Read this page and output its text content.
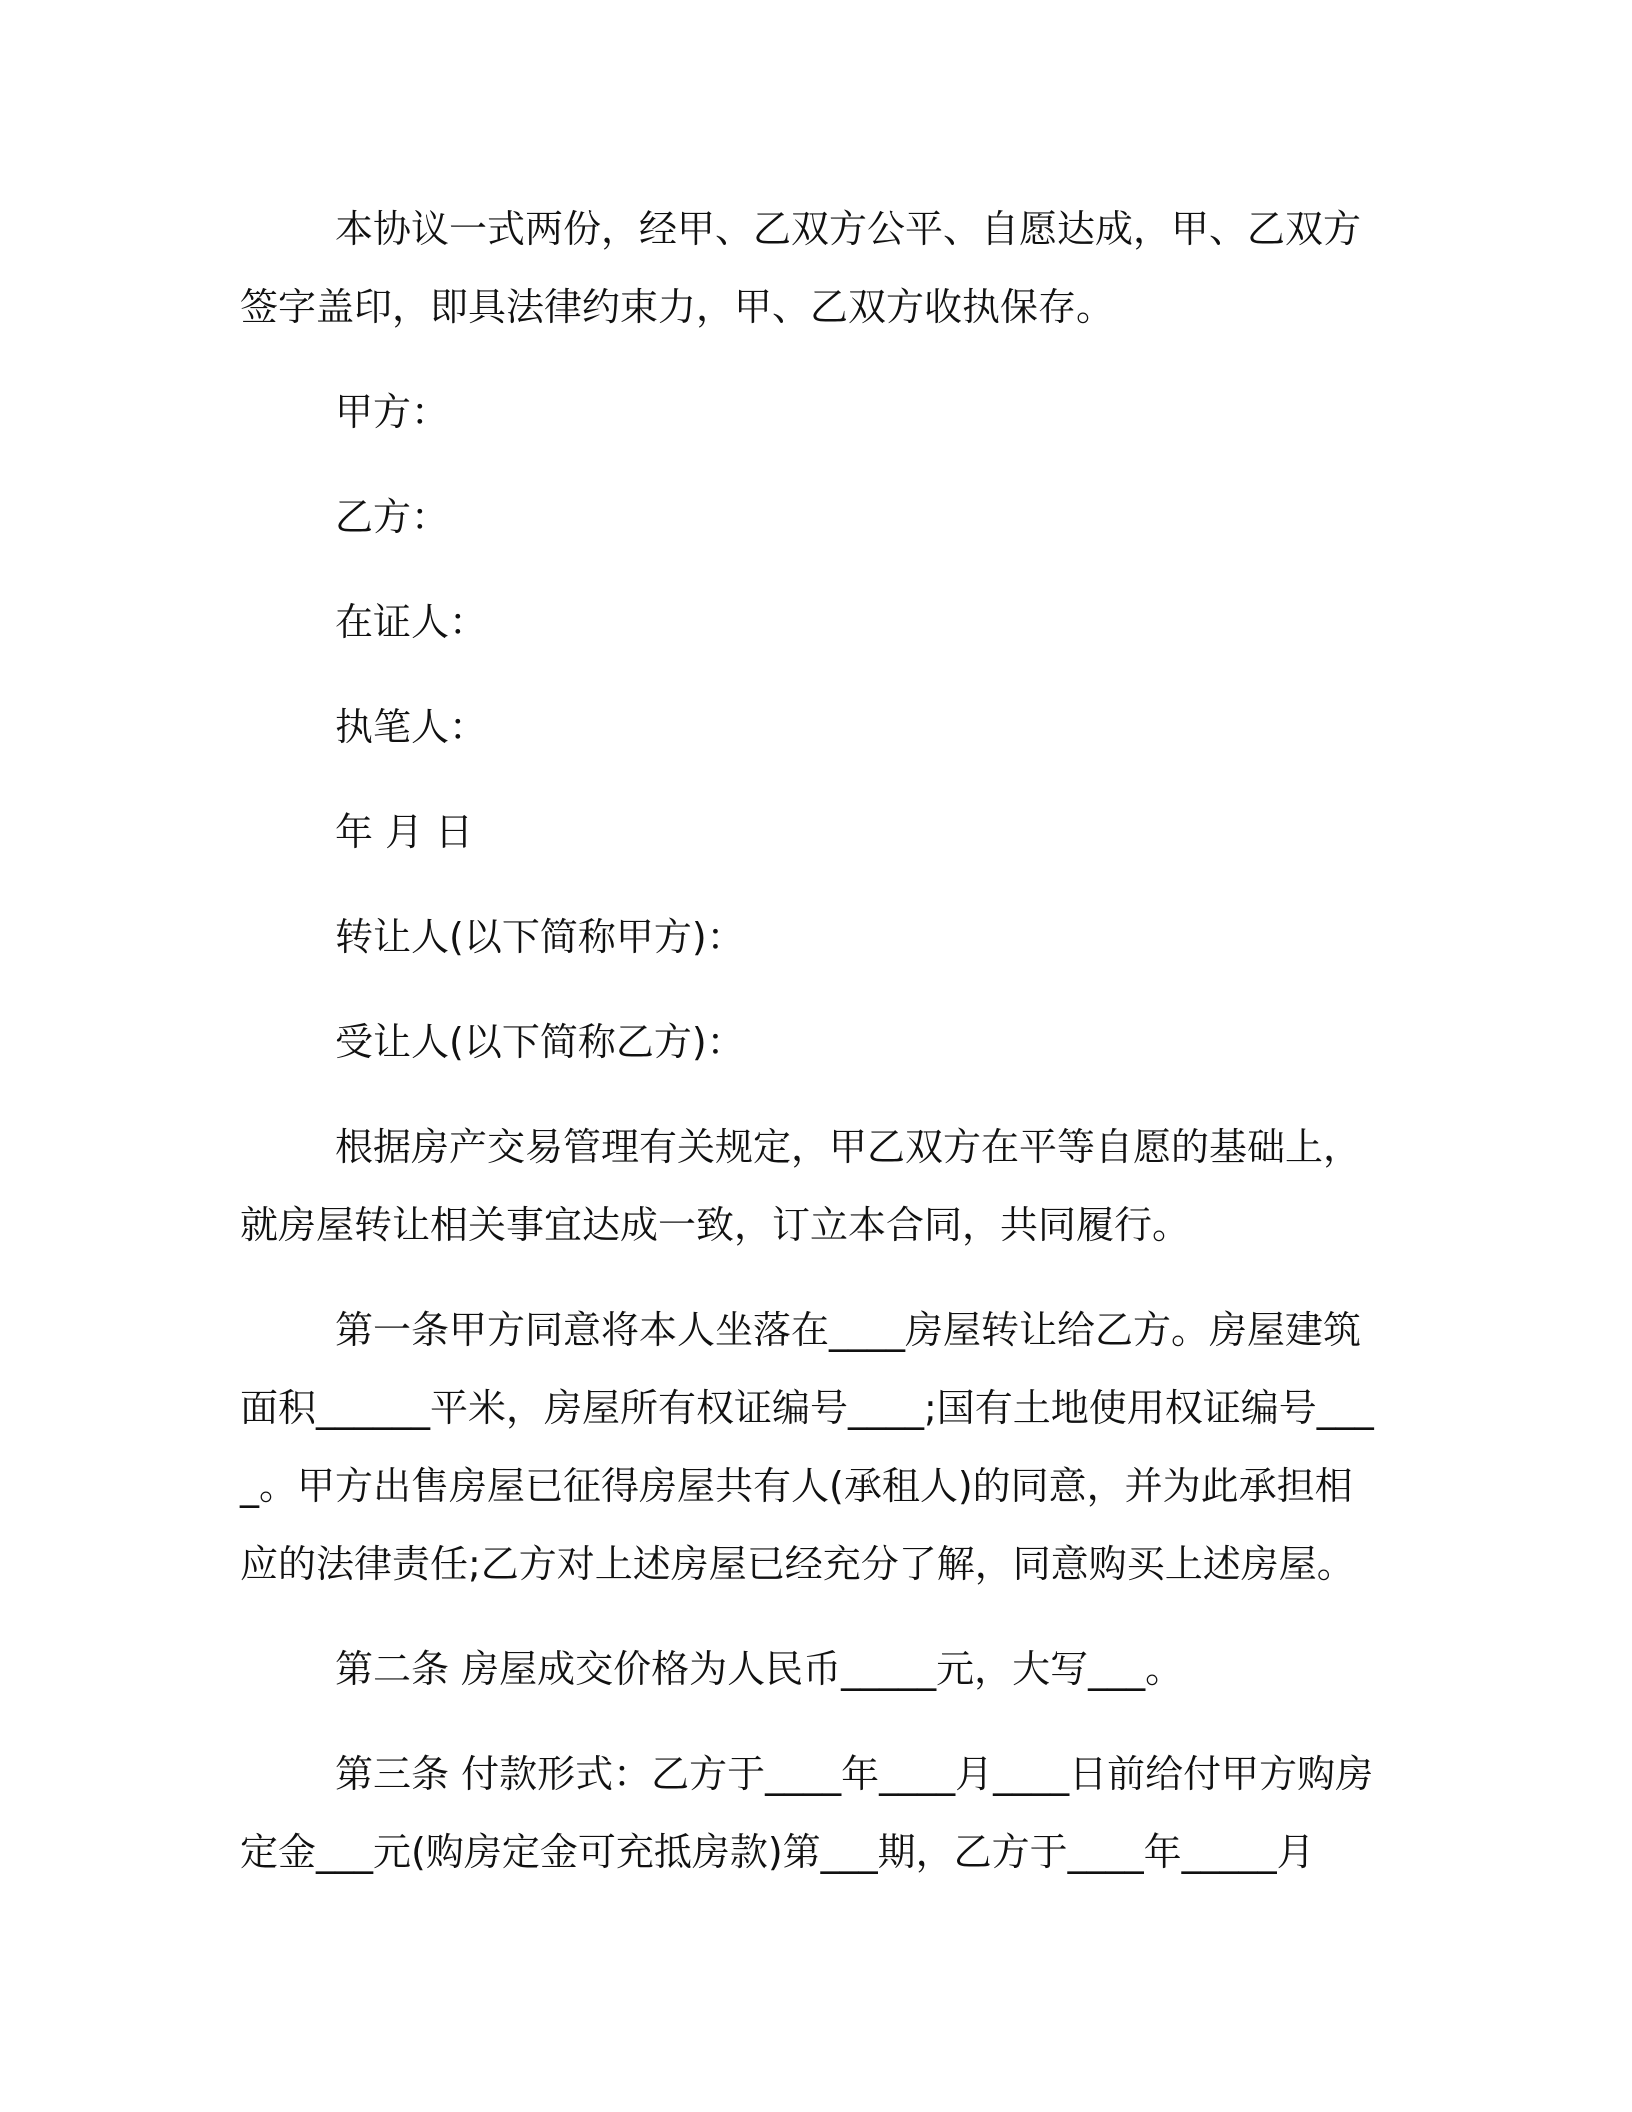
本协议一式两份，经甲、乙双方公平、自愿达成，甲、乙双方签字盖印，即具法律约束力，甲、乙双方收执保存。

甲方：

乙方：

在证人：

执笔人：

年 月 日

转让人(以下简称甲方)：

受让人(以下简称乙方)：

根据房产交易管理有关规定，甲乙双方在平等自愿的基础上，就房屋转让相关事宜达成一致，订立本合同，共同履行。

第一条甲方同意将本人坐落在____房屋转让给乙方。房屋建筑面积______平米，房屋所有权证编号____;国有土地使用权证编号____。甲方出售房屋已征得房屋共有人(承租人)的同意，并为此承担相应的法律责任;乙方对上述房屋已经充分了解，同意购买上述房屋。

第二条 房屋成交价格为人民币_____元，大写___。

第三条 付款形式：乙方于____年____月____日前给付甲方购房定金___元(购房定金可充抵房款)第___期，乙方于____年_____月
